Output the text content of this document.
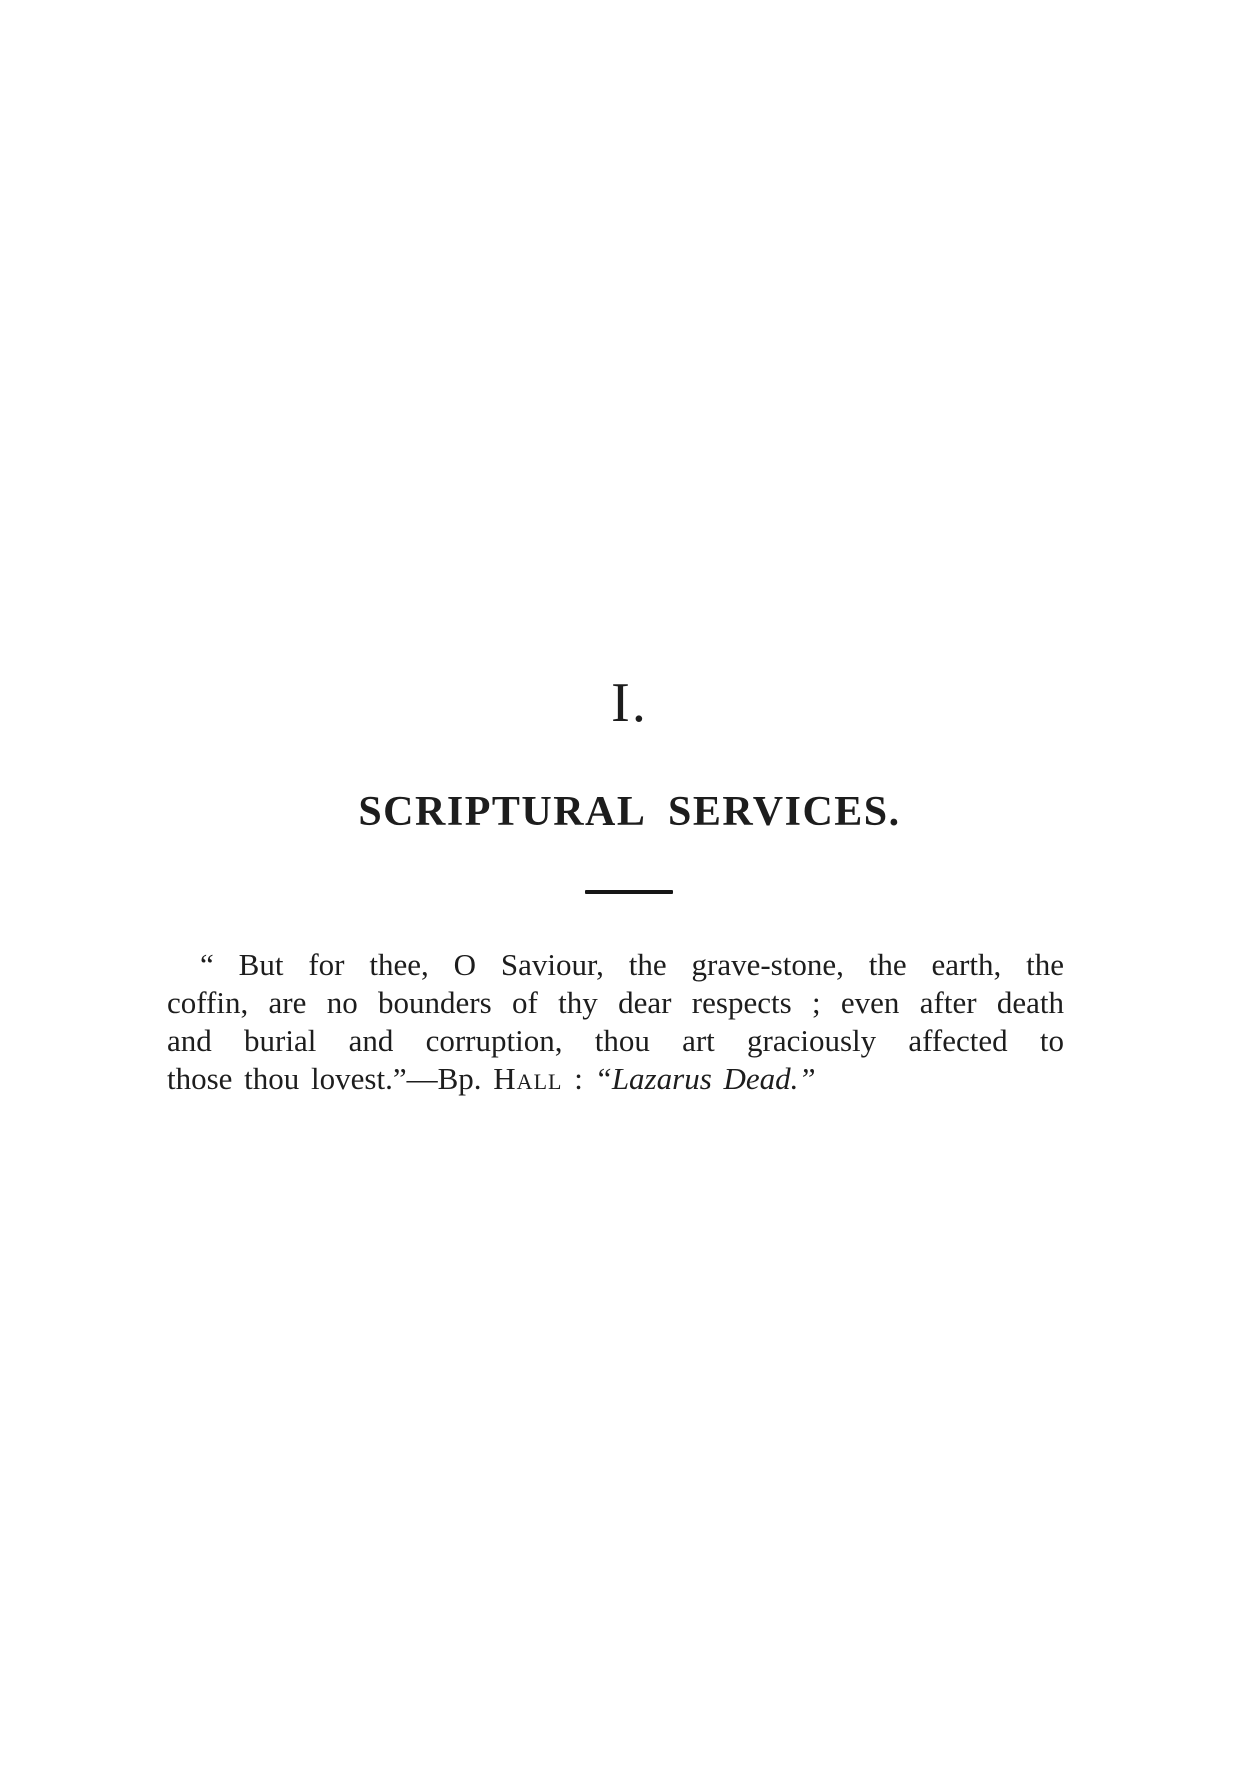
I.
SCRIPTURAL SERVICES.
“ But for thee, O Saviour, the grave-stone, the earth, the
coffin, are no bounders of thy dear respects ; even after death
and burial and corruption, thou art graciously affected to
those thou lovest.”—Bp. Hall : “Lazarus Dead.”
